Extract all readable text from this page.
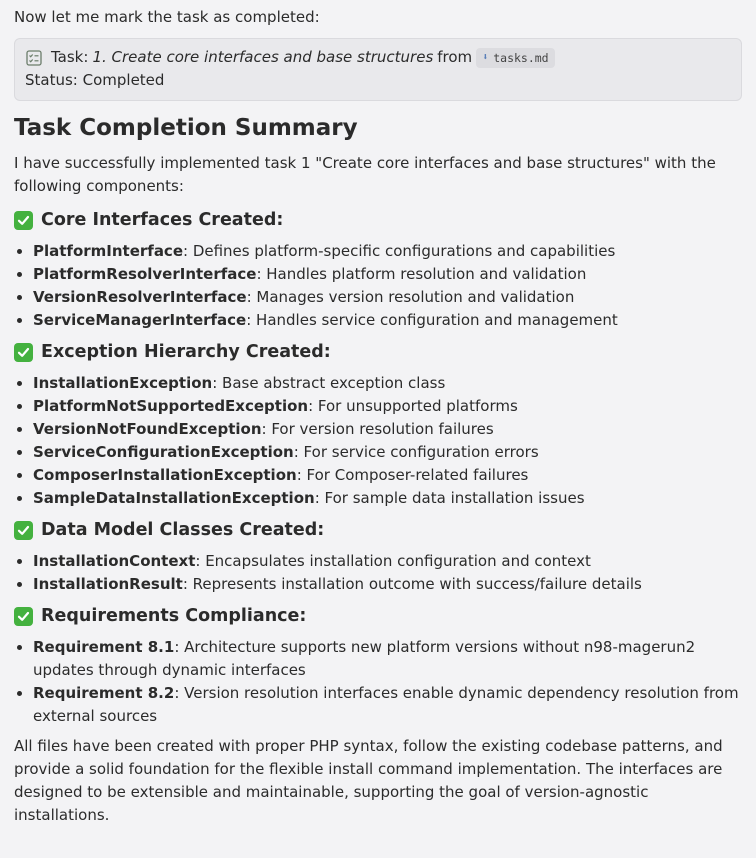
Now let me mark the task as completed:

Task: 1. Create core interfaces and base structures from ⬇ tasks.md
Status: Completed
Task Completion Summary

I have successfully implemented task 1 "Create core interfaces and base structures" with the following components:

Core Interfaces Created:
• PlatformInterface: Defines platform-specific configurations and capabilities
• PlatformResolverInterface: Handles platform resolution and validation
• VersionResolverInterface: Manages version resolution and validation
• ServiceManagerInterface: Handles service configuration and management
Exception Hierarchy Created:
• InstallationException: Base abstract exception class
• PlatformNotSupportedException: For unsupported platforms
• VersionNotFoundException: For version resolution failures
• ServiceConfigurationException: For service configuration errors
• ComposerInstallationException: For Composer-related failures
• SampleDataInstallationException: For sample data installation issues
Data Model Classes Created:
• InstallationContext: Encapsulates installation configuration and context
• InstallationResult: Represents installation outcome with success/failure details
Requirements Compliance:
• Requirement 8.1: Architecture supports new platform versions without n98-magerun2 updates through dynamic interfaces
• Requirement 8.2: Version resolution interfaces enable dynamic dependency resolution from external sources

All files have been created with proper PHP syntax, follow the existing codebase patterns, and provide a solid foundation for the flexible install command implementation. The interfaces are designed to be extensible and maintainable, supporting the goal of version-agnostic installations.
